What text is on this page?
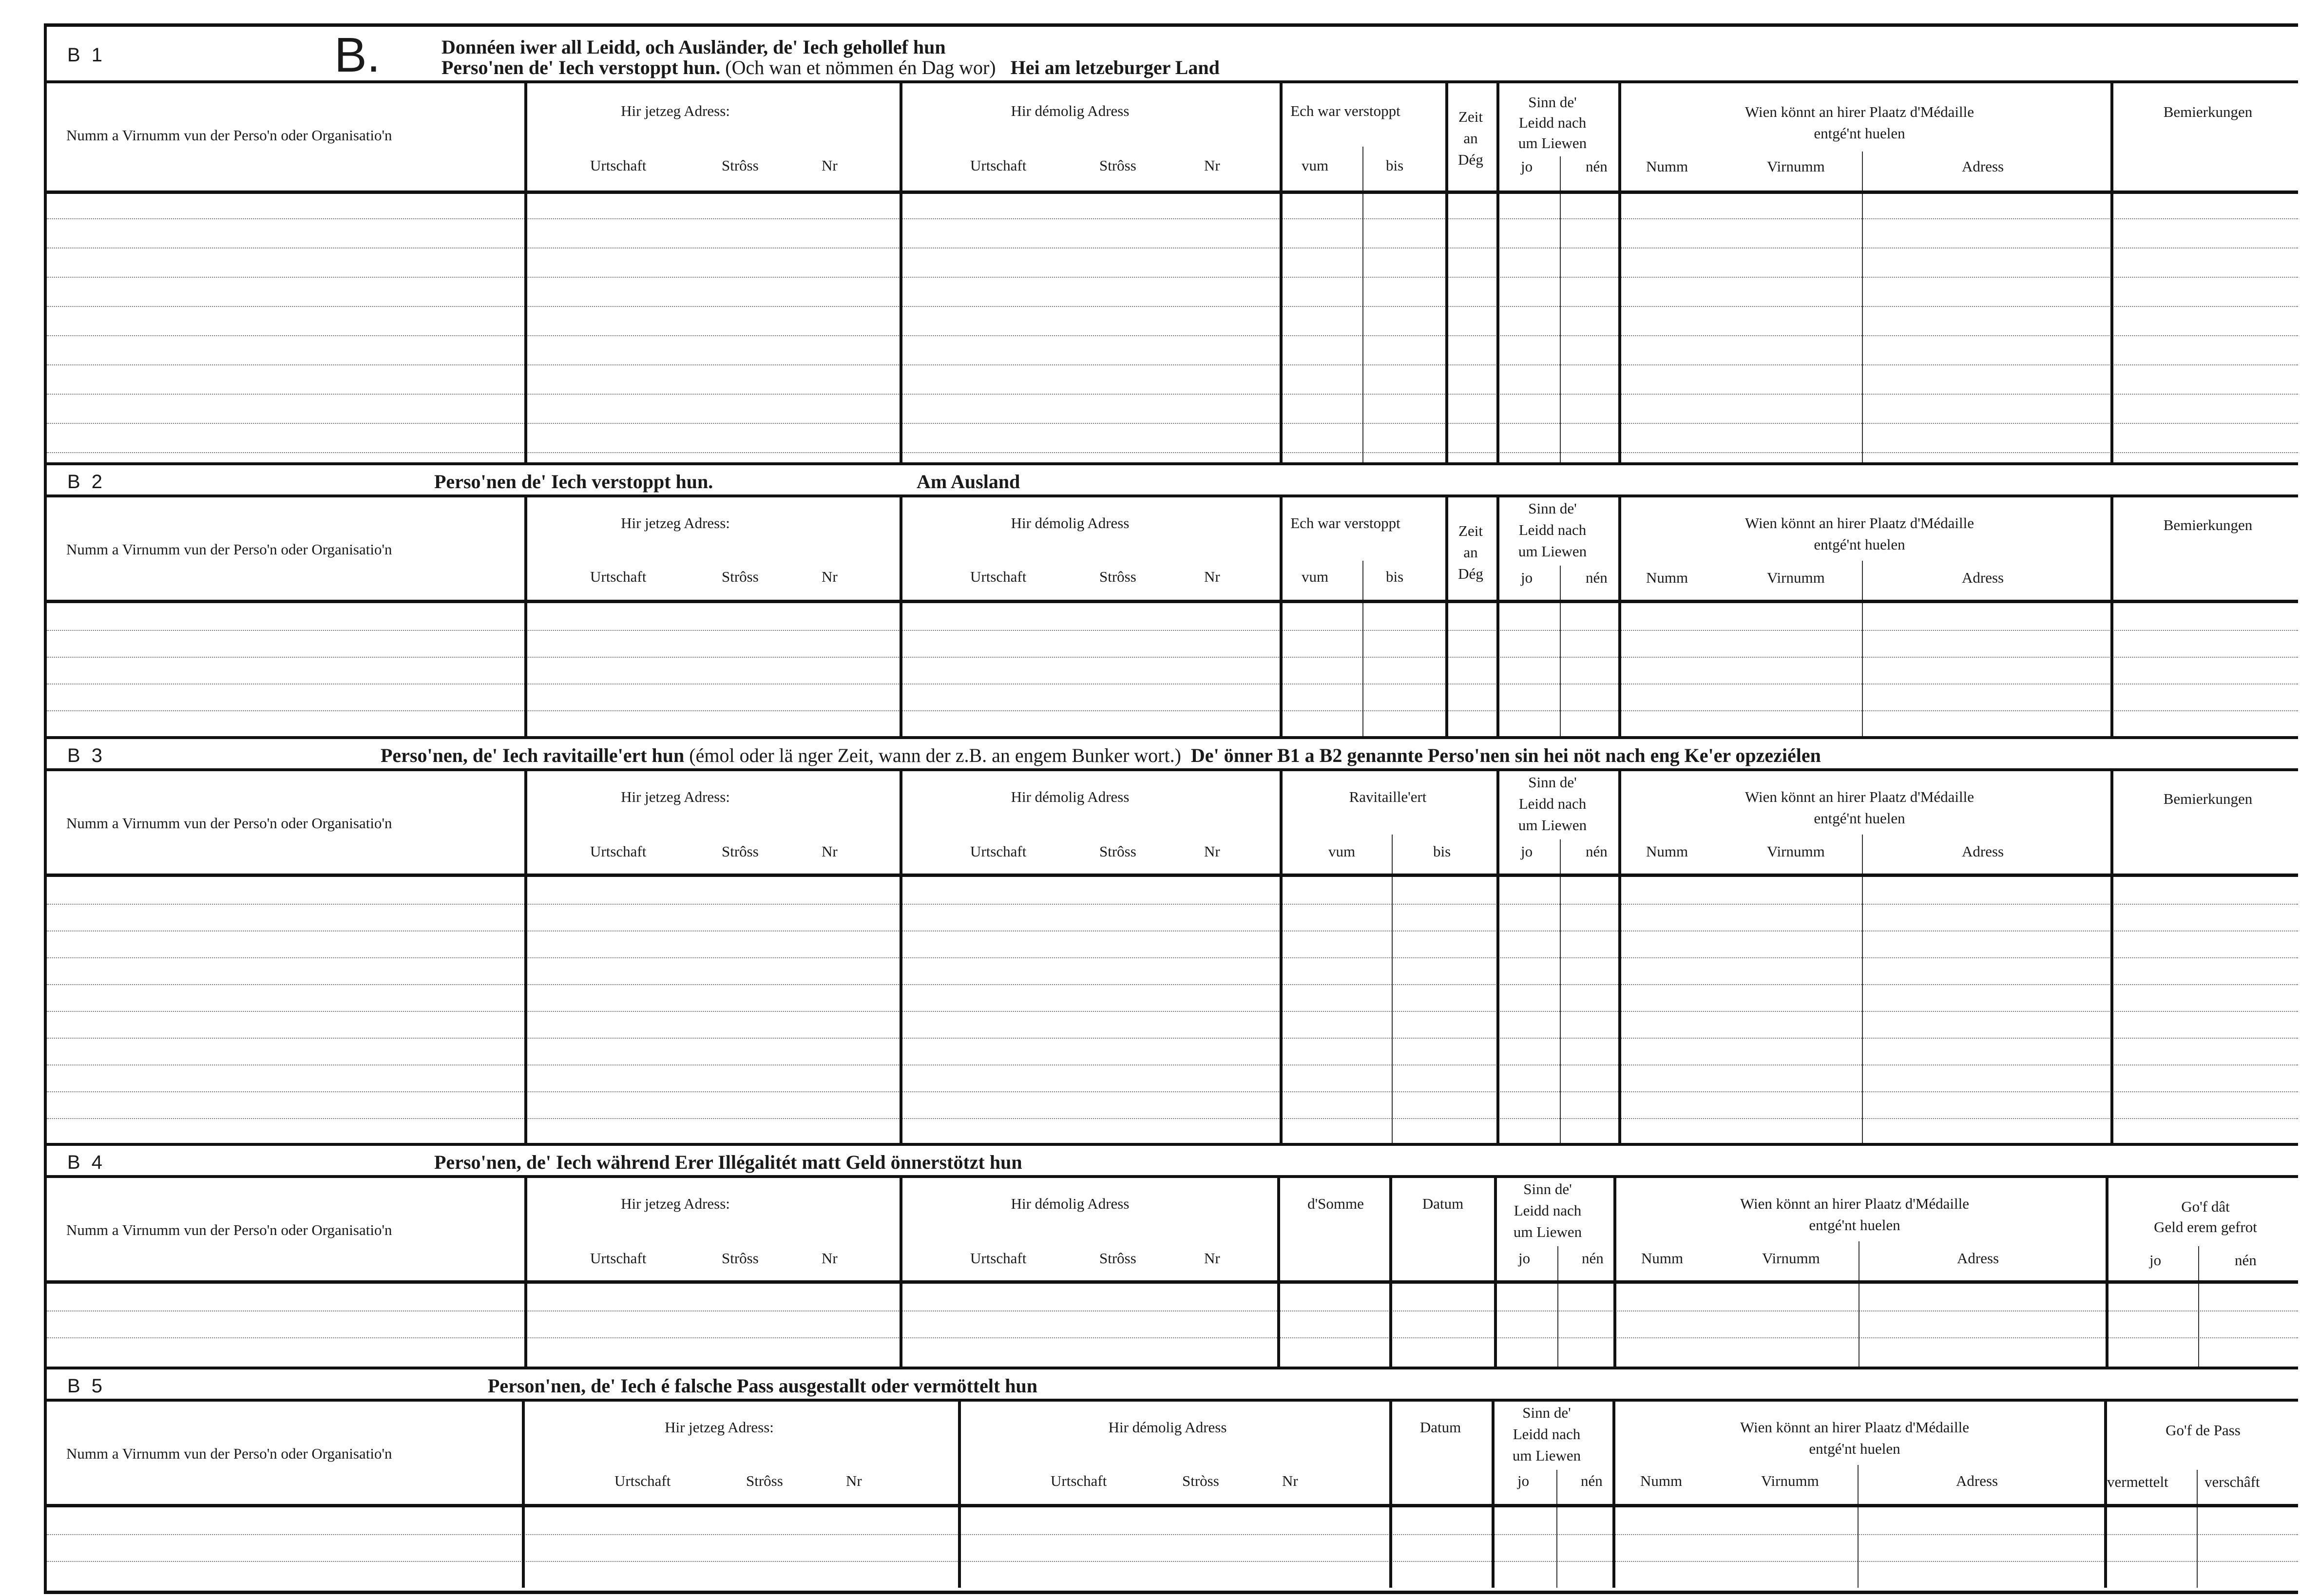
B 1	B.	Donnéen iwer all Leidd, och Ausländer, de' Iech gehollef hun
Perso'nen de' Iech verstoppt hun. (Och wan et nömmen én Dag wor) Hei am letzeburger Land
Numm a Virnumm vun der Perso'n oder Organisatio'n
Hir jetzeg Adress:
Urtschaft	Strôss	Nr
Hir démolig Adress
Urtschaft	Strôss	Nr
Ech war verstoppt
vum	bis
Zeit
an
Dég
Sinn de'
Leidd nach
um Liewen
jo	nén
Wien könnt an hirer Plaatz d'Médaille
entgé'nt huelen
Numm	Virnumm	Adress
Bemierkungen
B 2	Perso'nen de' Iech verstoppt hun.	Am Ausland
Numm a Virnumm vun der Perso'n oder Organisatio'n
Hir jetzeg Adress:
Urtschaft	Strôss	Nr
Hir démolig Adress
Urtschaft	Strôss	Nr
Ech war verstoppt
vum	bis
Zeit
an
Dég
Sinn de'
Leidd nach
um Liewen
jo	nén
Wien könnt an hirer Plaatz d'Médaille
entgé'nt huelen
Numm	Virnumm	Adress
Bemierkungen
B 3	Perso'nen, de' Iech ravitaille'ert hun (émol oder lä nger Zeit, wann der z.B. an engem Bunker wort.) De' önner B1 a B2 genannte Perso'nen sin hei nöt nach eng Ke'er opzeziélen
Numm a Virnumm vun der Perso'n oder Organisatio'n
Hir jetzeg Adress:
Urtschaft	Strôss	Nr
Hir démolig Adress
Urtschaft	Strôss	Nr
Ravitaille'ert
vum	bis
Sinn de'
Leidd nach
um Liewen
jo	nén
Wien könnt an hirer Plaatz d'Médaille
entgé'nt huelen
Numm	Virnumm	Adress
Bemierkungen
B 4	Perso'nen, de' Iech während Erer Illégalitét matt Geld önnerstötzt hun
Numm a Virnumm vun der Perso'n oder Organisatio'n
Hir jetzeg Adress:
Urtschaft	Strôss	Nr
Hir démolig Adress
Urtschaft	Strôss	Nr
d'Somme	Datum
Sinn de'
Leidd nach
um Liewen
jo	nén
Wien könnt an hirer Plaatz d'Médaille
entgé'nt huelen
Numm	Virnumm	Adress
Go'f dât
Geld erem gefrot
jo	nén
B 5	Person'nen, de' Iech é falsche Pass ausgestallt oder vermöttelt hun
Numm a Virnumm vun der Perso'n oder Organisatio'n
Hir jetzeg Adress:
Urtschaft	Strôss	Nr
Hir démolig Adress
Urtschaft	Stròss	Nr
Datum
Sinn de'
Leidd nach
um Liewen
jo	nén
Wien könnt an hirer Plaatz d'Médaille
entgé'nt huelen
Numm	Virnumm	Adress
Go'f de Pass
vermettelt verschâft
